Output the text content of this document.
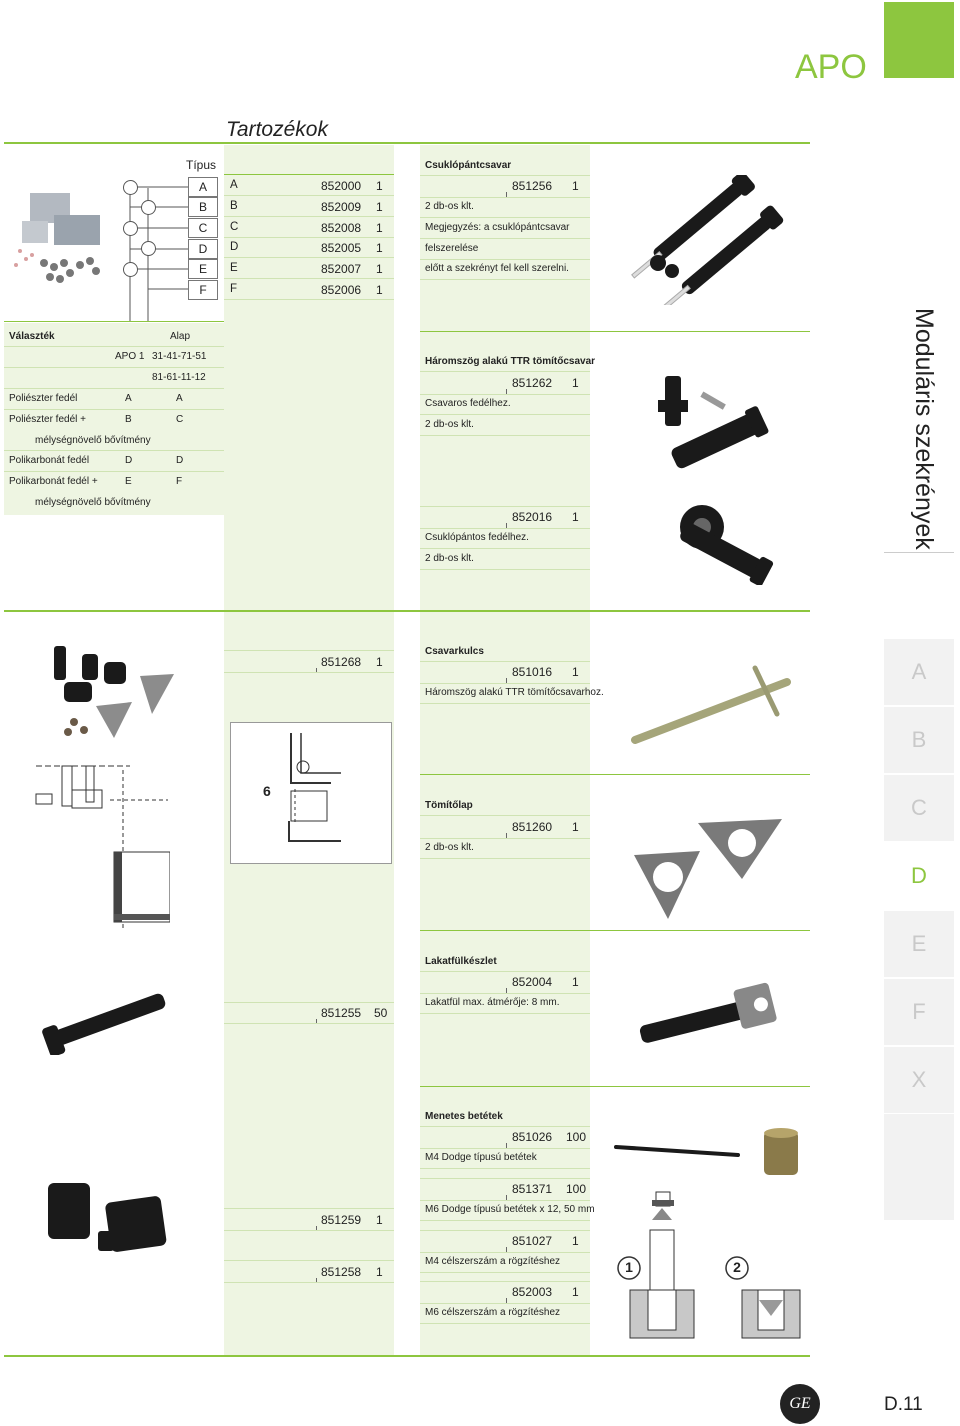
APO
Tartozékok
Moduláris szekrények
A
B
C
D
E
F
X
Típus
A
B
C
D
E
F
A	852000 1
B	852009 1
C	852008 1
D	852005 1
E	852007 1
F	852006 1
Választék	Alap
APO 1 31-41-71-51
81-61-11-12
Poliészter fedél	A	A
Poliészter fedél +	B	C
mélységnövelő bővítmény
Polikarbonát fedél	D	D
Polikarbonát fedél +	E	F
mélységnövelő bővítmény
Csuklópántcsavar
851256 1
2 db-os klt.
Megjegyzés: a csuklópántcsavar
felszerelése
előtt a szekrényt fel kell szerelni.
Háromszög alakú TTR tömítőcsavar
851262 1
Csavaros fedélhez.
2 db-os klt.
852016 1
Csuklópántos fedélhez.
2 db-os klt.
851268 1
851255 50
851259 1
851258 1
6
Csavarkulcs
851016 1
Háromszög alakú TTR tömítőcsavarhoz.
Tömítőlap
851260 1
2 db-os klt.
Lakatfülkészlet
852004 1
Lakatfül max. átmérője: 8 mm.
Menetes betétek
851026 100
M4 Dodge típusú betétek
851371 100
M6 Dodge típusú betétek x 12, 50 mm
851027 1
M4 célszerszám a rögzítéshez
852003 1
M6 célszerszám a rögzítéshez
1	2
GE	D.11
